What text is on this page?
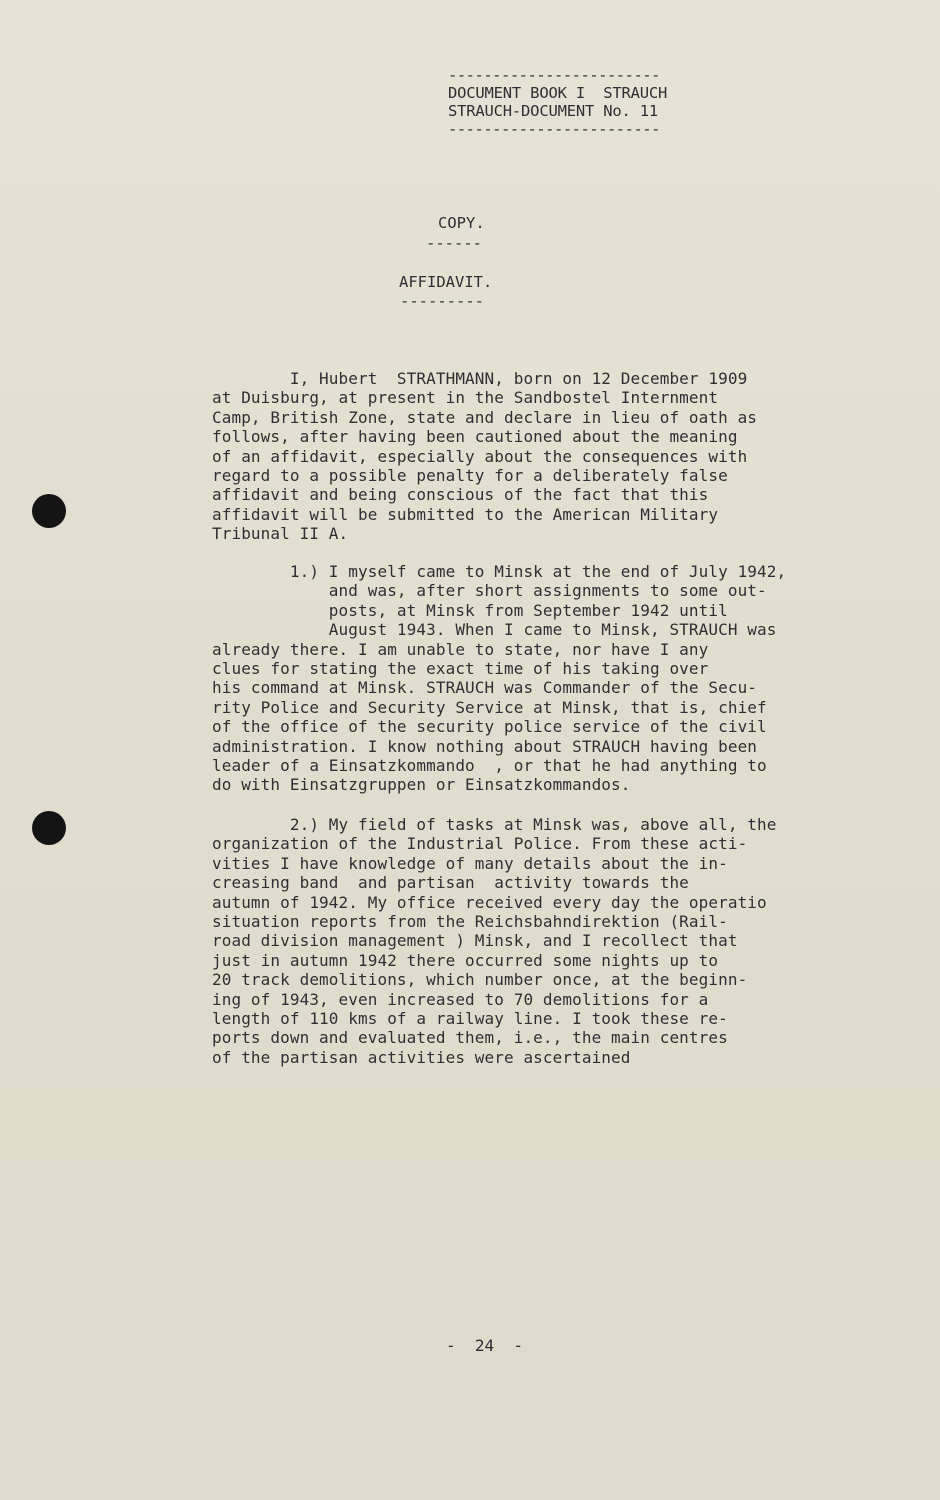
------------------------
DOCUMENT BOOK I  STRAUCH
STRAUCH-DOCUMENT No. 11
------------------------
COPY.
------
AFFIDAVIT.
---------
I, Hubert  STRATHMANN, born on 12 December 1909
at Duisburg, at present in the Sandbostel Internment
Camp, British Zone, state and declare in lieu of oath as
follows, after having been cautioned about the meaning
of an affidavit, especially about the consequences with
regard to a possible penalty for a deliberately false
affidavit and being conscious of the fact that this
affidavit will be submitted to the American Military
Tribunal II A.
1.) I myself came to Minsk at the end of July 1942,
and was, after short assignments to some out-
posts, at Minsk from September 1942 until
August 1943. When I came to Minsk, STRAUCH was
already there. I am unable to state, nor have I any
clues for stating the exact time of his taking over
his command at Minsk. STRAUCH was Commander of the Secu-
rity Police and Security Service at Minsk, that is, chief
of the office of the security police service of the civil
administration. I know nothing about STRAUCH having been
leader of a Einsatzkommando  , or that he had anything to
do with Einsatzgruppen or Einsatzkommandos.
2.) My field of tasks at Minsk was, above all, the
organization of the Industrial Police. From these acti-
vities I have knowledge of many details about the in-
creasing band  and partisan  activity towards the
autumn of 1942. My office received every day the operatio
situation reports from the Reichsbahndirektion (Rail-
road division management ) Minsk, and I recollect that
just in autumn 1942 there occurred some nights up to
20 track demolitions, which number once, at the beginn-
ing of 1943, even increased to 70 demolitions for a
length of 110 kms of a railway line. I took these re-
ports down and evaluated them, i.e., the main centres
of the partisan activities were ascertained
-  24  -
